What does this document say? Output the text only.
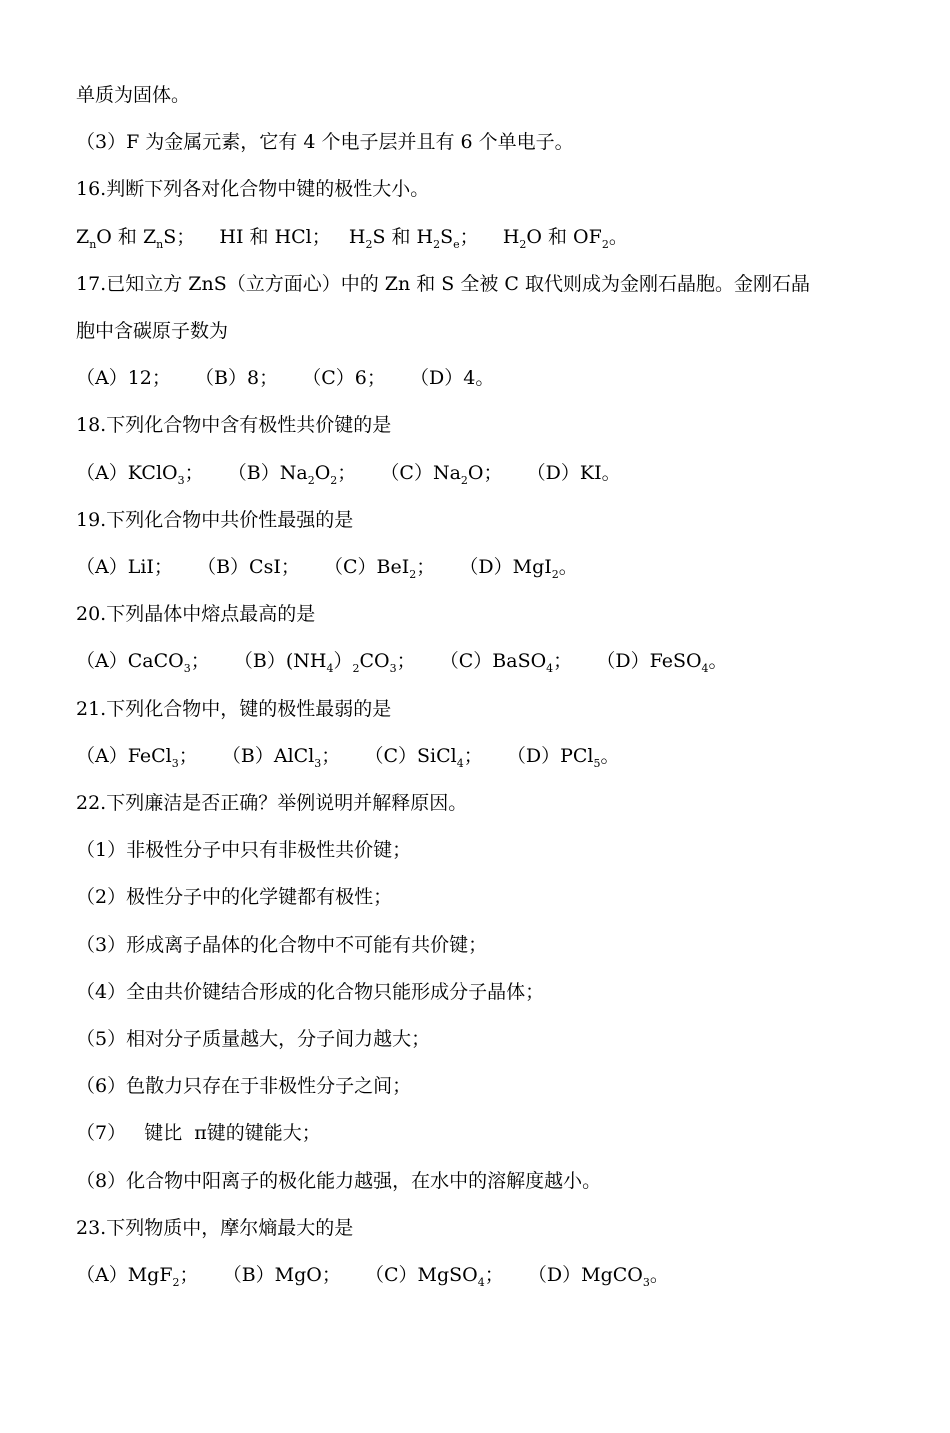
单质为固体。
（3）F 为金属元素，它有 4 个电子层并且有 6 个单电子。
16.判断下列各对化合物中键的极性大小。
$Z_nO$ 和 $Z_nS$；    HI 和 HCl；   $H_2S$ 和 $H_2S_e$；    $H_2O$ 和 $OF_2$。
17.已知立方 ZnS（立方面心）中的 Zn 和 S 全被 C 取代则成为金刚石晶胞。金刚石晶
胞中含碳原子数为
（A）12；    （B）8；    （C）6；    （D）4。
18.下列化合物中含有极性共价键的是
（A）KClO$_3$；    $(B)Na_2O_2$；    $(C)Na_2O$；    （D）KI。
19.下列化合物中共价性最强的是
（A）LiI；    （B）CsI；    （C）BeI$_2$；    （D）MgI$_2$。
20.下列晶体中熔点最高的是
（A）CaCO$_3$；    $(B)(NH_4)_2CO_3$；    （C）BaSO$_4$；    （D）FeSO$_4$。
21.下列化合物中，键的极性最弱的是
（A）FeCl$_3$；    （B）AlCl$_3$；    （C）SiCl$_4$；    （D）PCl$_5$。
22.下列廉洁是否正确？举例说明并解释原因。
（1）非极性分子中只有非极性共价键；
（2）极性分子中的化学键都有极性；
（3）形成离子晶体的化合物中不可能有共价键；
（4）全由共价键结合形成的化合物只能形成分子晶体；
（5）相对分子质量越大，分子间力越大；
（6）色散力只存在于非极性分子之间；
（7）   键比  π键的键能大；
（8）化合物中阳离子的极化能力越强，在水中的溶解度越小。
23.下列物质中，摩尔熵最大的是
（A）MgF$_2$；    （B）MgO；    （C）MgSO$_4$；    （D）MgCO$_3$。
